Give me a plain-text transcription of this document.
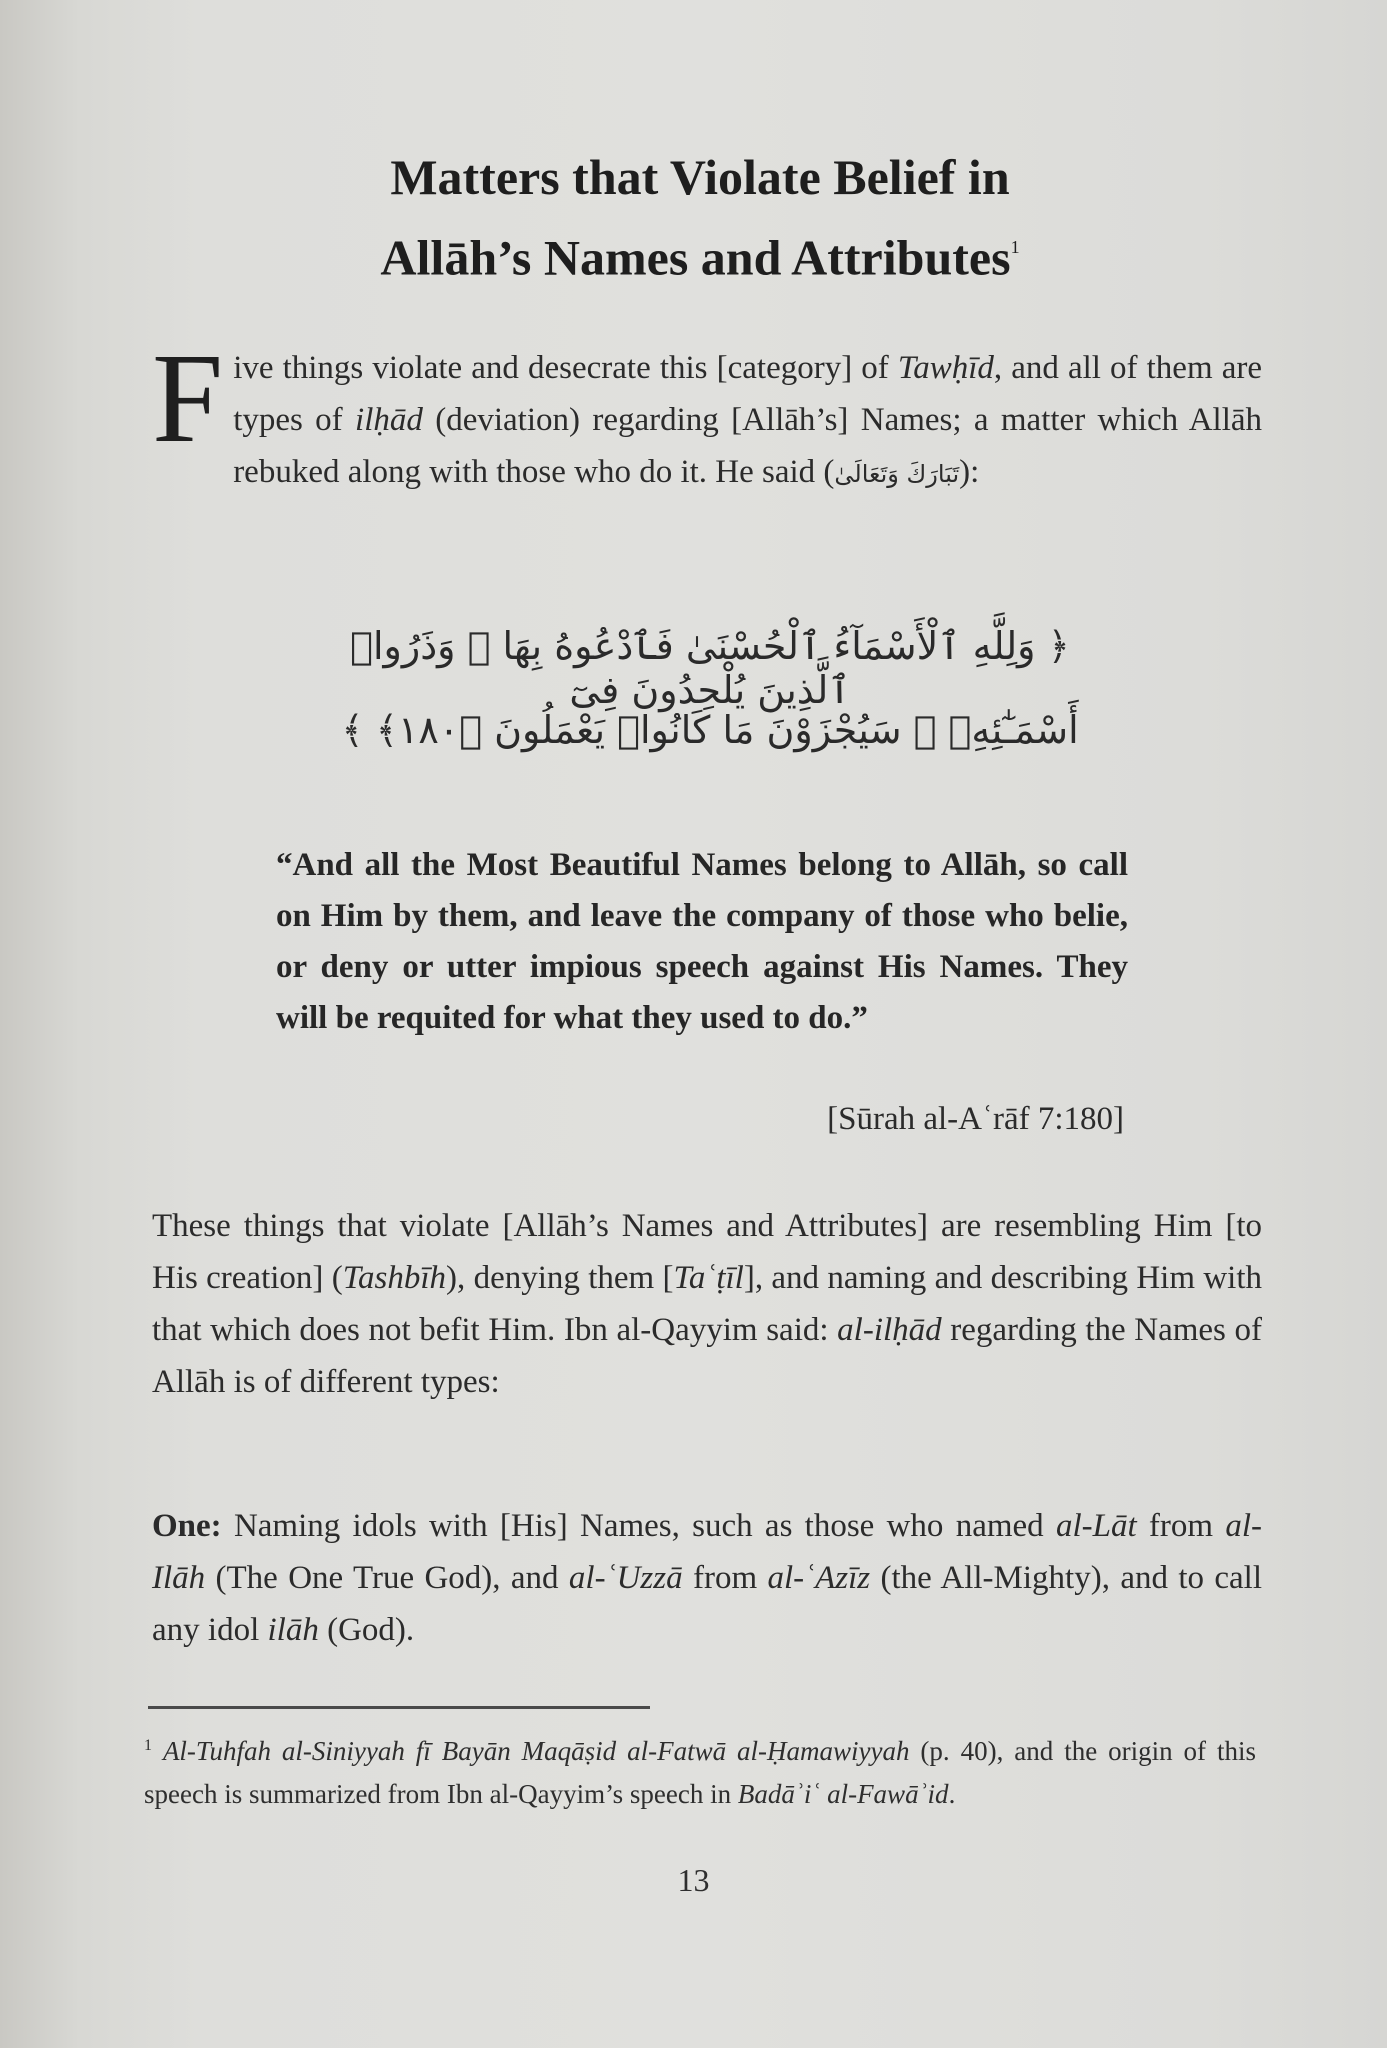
Matters that Violate Belief in
Allāh’s Names and Attributes$^1$
Five things violate and desecrate this [category] of Tawḥīd, and all of them are types of ilḥād (deviation) regarding [Allāh’s] Names; a matter which Allāh rebuked along with those who do it. He said (تَبَارَكَ وَتَعَالَىٰ):
﴿ وَلِلَّهِ ٱلْأَسْمَآءُ ٱلْحُسْنَىٰ فَٱدْعُوهُ بِهَا ۖ وَذَرُوا۟ ٱلَّذِينَ يُلْحِدُونَ فِىٓ
أَسْمَـٰٓئِهِۦ ۚ سَيُجْزَوْنَ مَا كَانُوا۟ يَعْمَلُونَ ﴿١٨٠﴾ ﴾
“And all the Most Beautiful Names belong to Allāh, so call on Him by them, and leave the company of those who belie, or deny or utter impious speech against His Names. They will be requited for what they used to do.”
[Sūrah al-Aʿrāf 7:180]
These things that violate [Allāh’s Names and Attributes] are resembling Him [to His creation] (Tashbīh), denying them [Taʿṭīl], and naming and describing Him with that which does not befit Him. Ibn al-Qayyim said: al-ilḥād regarding the Names of Allāh is of different types:
One: Naming idols with [His] Names, such as those who named al-Lāt from al-Ilāh (The One True God), and al-ʿUzzā from al-ʿAzīz (the All-Mighty), and to call any idol ilāh (God).
$^1$ Al-Tuhfah al-Siniyyah fī Bayān Maqāṣid al-Fatwā al-Ḥamawiyyah (p. 40), and the origin of this speech is summarized from Ibn al-Qayyim’s speech in Badāʾiʿ al-Fawāʾid.
13
